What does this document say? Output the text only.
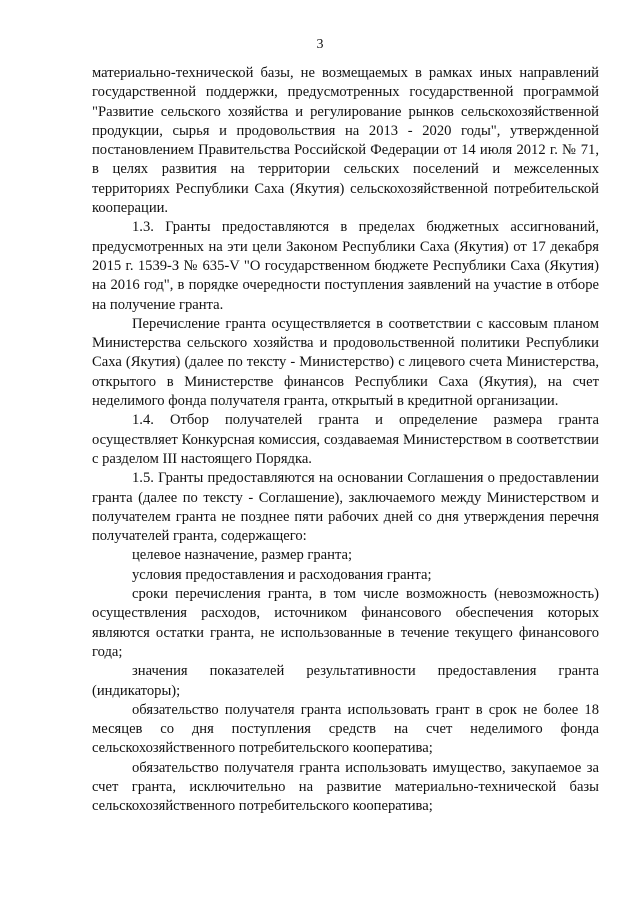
3

материально-технической базы, не возмещаемых в рамках иных направлений государственной поддержки, предусмотренных государственной программой "Развитие сельского хозяйства и регулирование рынков сельскохозяйственной продукции, сырья и продовольствия на 2013 - 2020 годы", утвержденной постановлением Правительства Российской Федерации от 14 июля 2012 г. № 71, в целях развития на территории сельских поселений и межселенных территориях Республики Саха (Якутия) сельскохозяйственной потребительской кооперации.

1.3. Гранты предоставляются в пределах бюджетных ассигнований, предусмотренных на эти цели Законом Республики Саха (Якутия) от 17 декабря 2015 г. 1539-З № 635-V "О государственном бюджете Республики Саха (Якутия) на 2016 год", в порядке очередности поступления заявлений на участие в отборе на получение гранта.

Перечисление гранта осуществляется в соответствии с кассовым планом Министерства сельского хозяйства и продовольственной политики Республики Саха (Якутия) (далее по тексту - Министерство) с лицевого счета Министерства, открытого в Министерстве финансов Республики Саха (Якутия), на счет неделимого фонда получателя гранта, открытый в кредитной организации.

1.4. Отбор получателей гранта и определение размера гранта осуществляет Конкурсная комиссия, создаваемая Министерством в соответствии с разделом III настоящего Порядка.

1.5. Гранты предоставляются на основании Соглашения о предоставлении гранта (далее по тексту - Соглашение), заключаемого между Министерством и получателем гранта не позднее пяти рабочих дней со дня утверждения перечня получателей гранта, содержащего:

целевое назначение, размер гранта;

условия предоставления и расходования гранта;

сроки перечисления гранта, в том числе возможность (невозможность) осуществления расходов, источником финансового обеспечения которых являются остатки гранта, не использованные в течение текущего финансового года;

значения показателей результативности предоставления гранта (индикаторы);

обязательство получателя гранта использовать грант в срок не более 18 месяцев со дня поступления средств на счет неделимого фонда сельскохозяйственного потребительского кооператива;

обязательство получателя гранта использовать имущество, закупаемое за счет гранта, исключительно на развитие материально-технической базы сельскохозяйственного потребительского кооператива;
